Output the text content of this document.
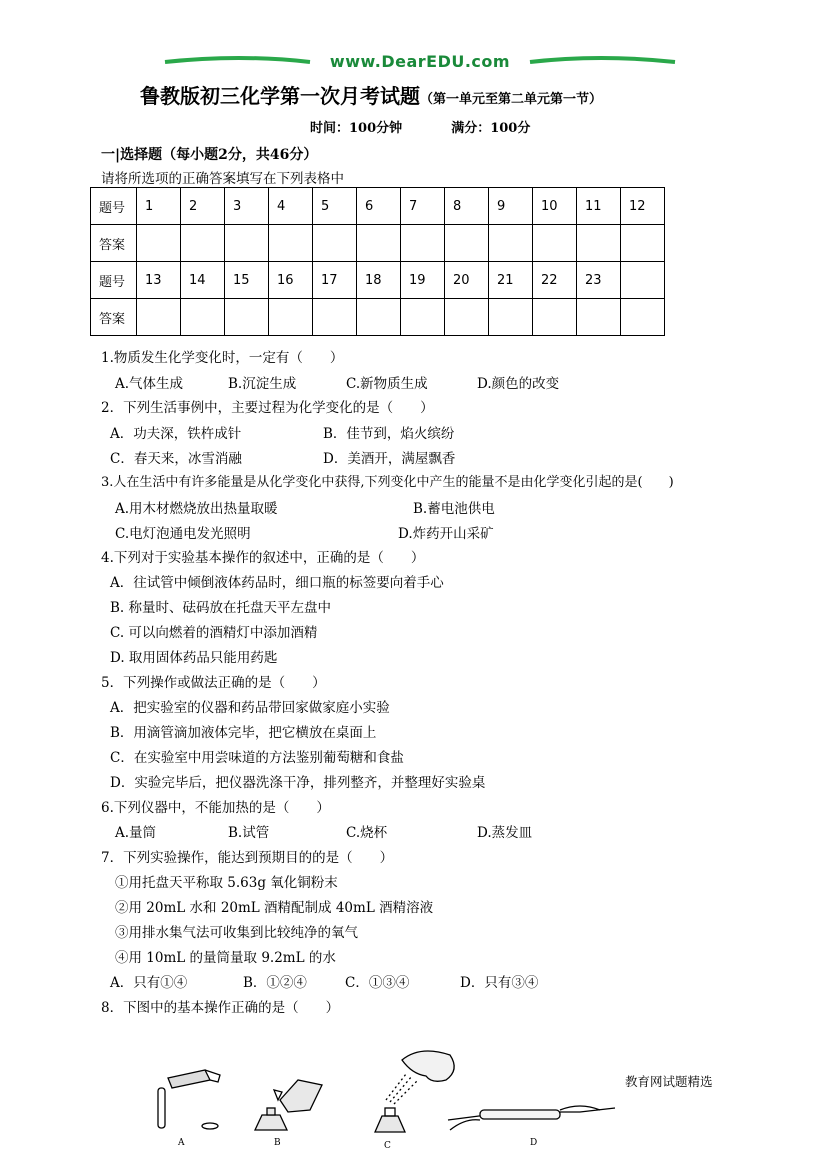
www.DearEDU.com
鲁教版初三化学第一次月考试题（第一单元至第二单元第一节）
时间：100分钟	满分：100分
一|选择题（每小题2分，共46分）
请将所选项的正确答案填写在下列表格中
题号	1	2	3	4	5	6	7	8	9	10	11	12
答案												
题号	13	14	15	16	17	18	19	20	21	22	23	
答案												
1.物质发生化学变化时，一定有（　　）
A.气体生成	B.沉淀生成	C.新物质生成	D.颜色的改变
2．下列生活事例中，主要过程为化学变化的是（　　）
A．功夫深，铁杵成针	B．佳节到，焰火缤纷
C．春天来，冰雪消融	D．美酒开，满屋飘香
3.人在生活中有许多能量是从化学变化中获得,下列变化中产生的能量不是由化学变化引起的是(　　)
A.用木材燃烧放出热量取暖	B.蓄电池供电
C.电灯泡通电发光照明	D.炸药开山采矿
4.下列对于实验基本操作的叙述中，正确的是（　　）
A．往试管中倾倒液体药品时，细口瓶的标签要向着手心
B. 称量时、砝码放在托盘天平左盘中
C. 可以向燃着的酒精灯中添加酒精
D. 取用固体药品只能用药匙
5．下列操作或做法正确的是（　　）
A．把实验室的仪器和药品带回家做家庭小实验
B．用滴管滴加液体完毕，把它横放在桌面上
C．在实验室中用尝味道的方法鉴别葡萄糖和食盐
D．实验完毕后，把仪器洗涤干净，排列整齐，并整理好实验桌
6.下列仪器中，不能加热的是（　　）
A.量筒	B.试管	C.烧杯	D.蒸发皿
7．下列实验操作，能达到预期目的的是（　　）
①用托盘天平称取 5.63g 氧化铜粉末
②用 20mL 水和 20mL 酒精配制成 40mL 酒精溶液
③用排水集气法可收集到比较纯净的氧气
④用 10mL 的量筒量取 9.2mL 的水
A．只有①④	B．①②④	C．①③④	D．只有③④
8．下图中的基本操作正确的是（　　）
A	B	C	D
教育网试题精选
